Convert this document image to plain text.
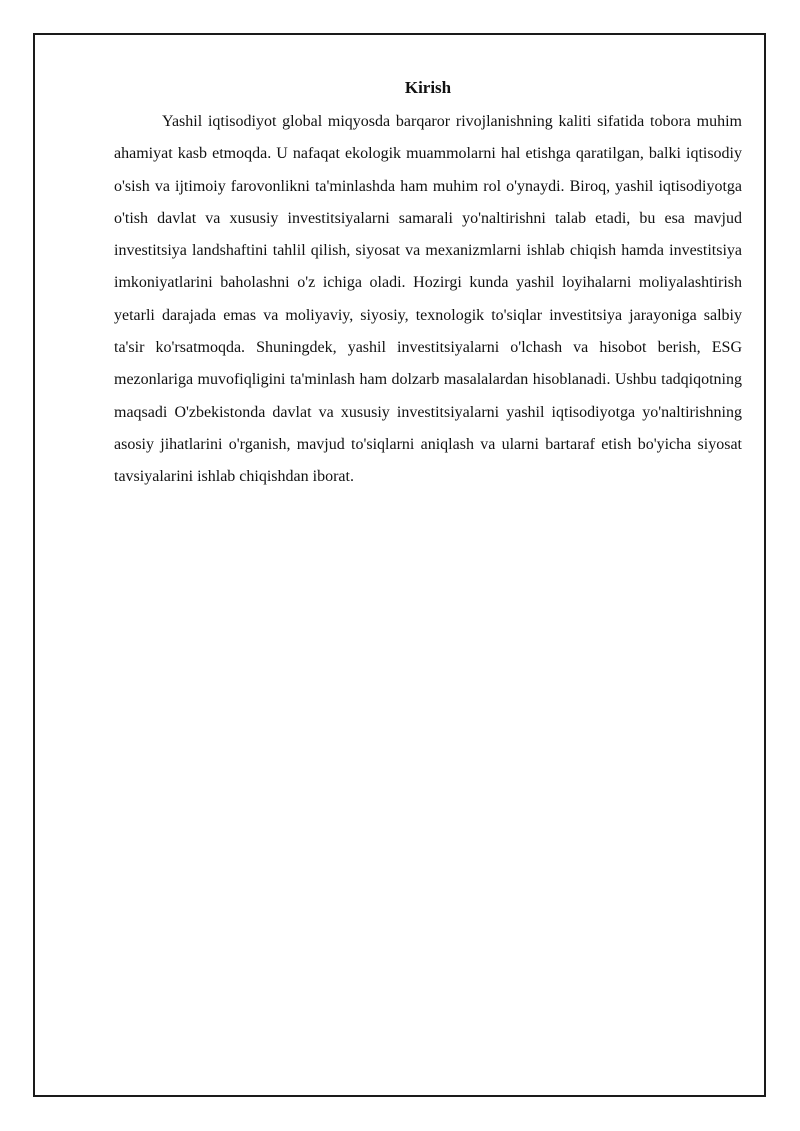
Kirish

Yashil iqtisodiyot global miqyosda barqaror rivojlanishning kaliti sifatida tobora muhim ahamiyat kasb etmoqda. U nafaqat ekologik muammolarni hal etishga qaratilgan, balki iqtisodiy o'sish va ijtimoiy farovonlikni ta'minlashda ham muhim rol o'ynaydi. Biroq, yashil iqtisodiyotga o'tish davlat va xususiy investitsiyalarni samarali yo'naltirishni talab etadi, bu esa mavjud investitsiya landshaftini tahlil qilish, siyosat va mexanizmlarni ishlab chiqish hamda investitsiya imkoniyatlarini baholashni o'z ichiga oladi. Hozirgi kunda yashil loyihalarni moliyalashtirish yetarli darajada emas va moliyaviy, siyosiy, texnologik to'siqlar investitsiya jarayoniga salbiy ta'sir ko'rsatmoqda. Shuningdek, yashil investitsiyalarni o'lchash va hisobot berish, ESG mezonlariga muvofiqligini ta'minlash ham dolzarb masalalardan hisoblanadi. Ushbu tadqiqotning maqsadi O'zbekistonda davlat va xususiy investitsiyalarni yashil iqtisodiyotga yo'naltirishning asosiy jihatlarini o'rganish, mavjud to'siqlarni aniqlash va ularni bartaraf etish bo'yicha siyosat tavsiyalarini ishlab chiqishdan iborat.
